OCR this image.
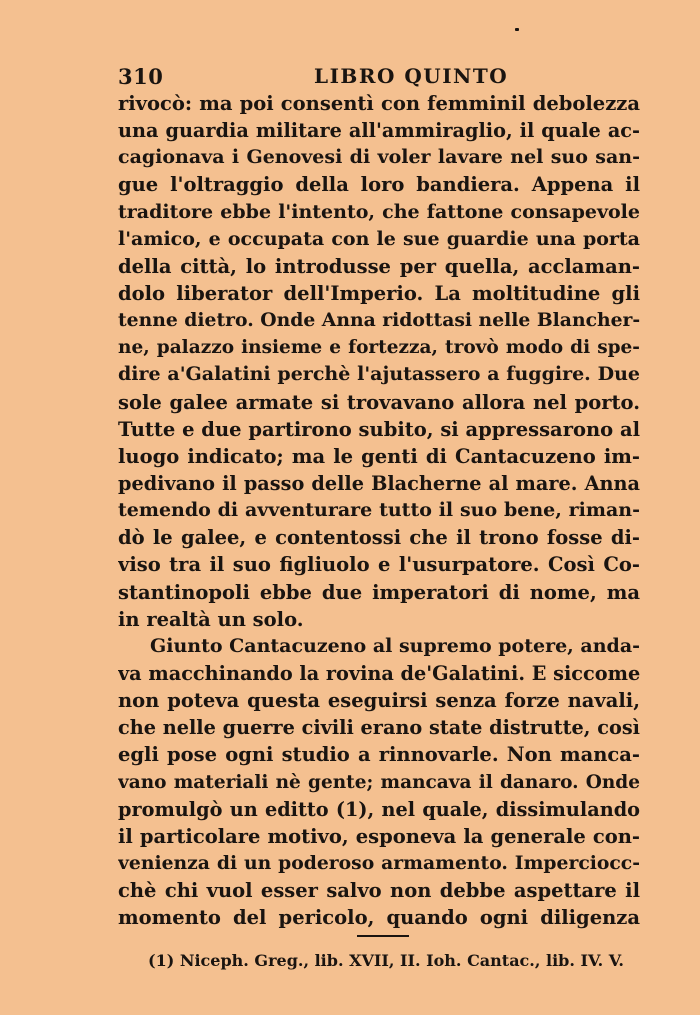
310	LIBRO QUINTO
rivocò: ma poi consentì con femminil debolezza
una guardia militare all'ammiraglio, il quale ac-
cagionava i Genovesi di voler lavare nel suo san-
gue l'oltraggio della loro bandiera. Appena il
traditore ebbe l'intento, che fattone consapevole
l'amico, e occupata con le sue guardie una porta
della città, lo introdusse per quella, acclaman-
dolo liberator dell'Imperio. La moltitudine gli
tenne dietro. Onde Anna ridottasi nelle Blancher-
ne, palazzo insieme e fortezza, trovò modo di spe-
dire a'Galatini perchè l'ajutassero a fuggire. Due
sole galee armate si trovavano allora nel porto.
Tutte e due partirono subito, si appressarono al
luogo indicato; ma le genti di Cantacuzeno im-
pedivano il passo delle Blacherne al mare. Anna
temendo di avventurare tutto il suo bene, riman-
dò le galee, e contentossi che il trono fosse di-
viso tra il suo figliuolo e l'usurpatore. Così Co-
stantinopoli ebbe due imperatori di nome, ma
in realtà un solo.
Giunto Cantacuzeno al supremo potere, anda-
va macchinando la rovina de'Galatini. E siccome
non poteva questa eseguirsi senza forze navali,
che nelle guerre civili erano state distrutte, così
egli pose ogni studio a rinnovarle. Non manca-
vano materiali nè gente; mancava il danaro. Onde
promulgò un editto (1), nel quale, dissimulando
il particolare motivo, esponeva la generale con-
venienza di un poderoso armamento. Imperciocc-
chè chi vuol esser salvo non debbe aspettare il
momento del pericolo, quando ogni diligenza
(1) Niceph. Greg., lib. XVII, II. Ioh. Cantac., lib. IV. V.
